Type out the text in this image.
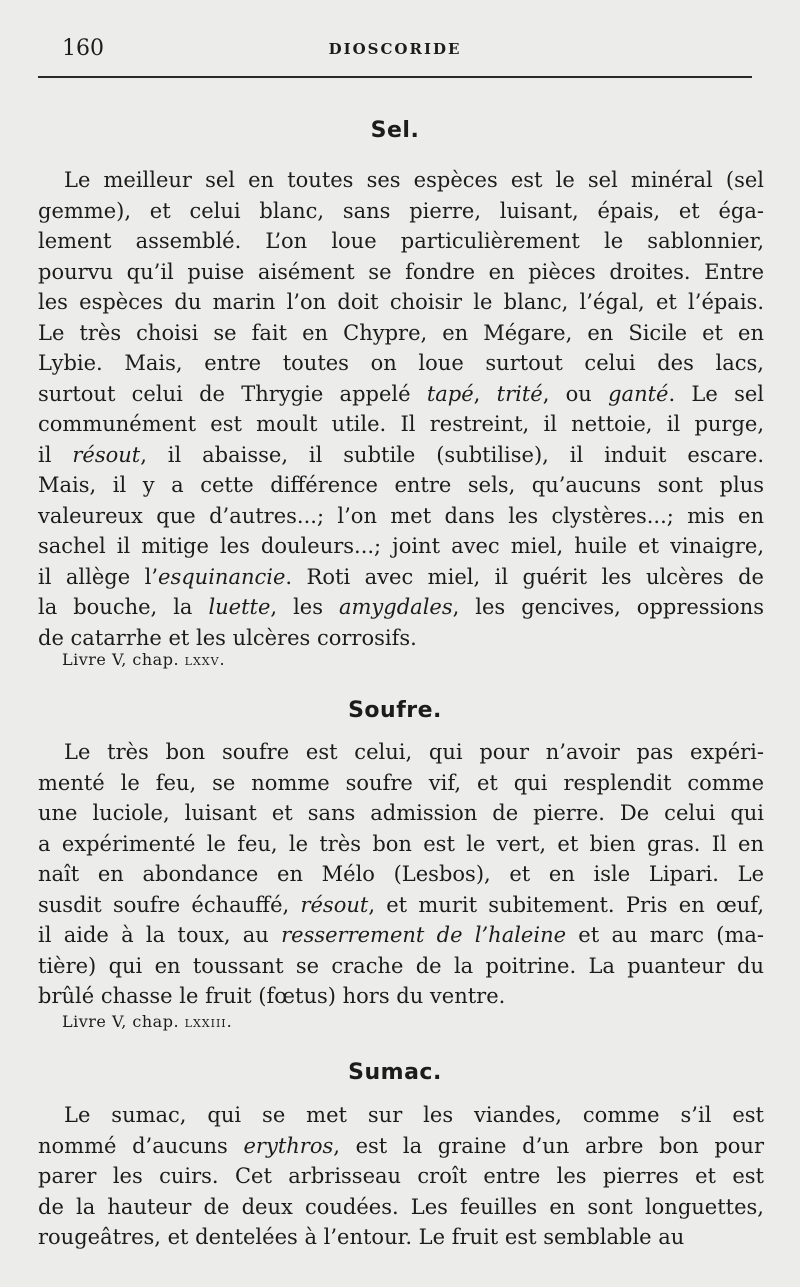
160	DIOSCORIDE
Sel.
Le meilleur sel en toutes ses espèces est le sel minéral (sel
gemme), et celui blanc, sans pierre, luisant, épais, et éga-
lement assemblé. L’on loue particulièrement le sablonnier,
pourvu qu’il puise aisément se fondre en pièces droites. Entre
les espèces du marin l’on doit choisir le blanc, l’égal, et l’épais.
Le très choisi se fait en Chypre, en Mégare, en Sicile et en
Lybie. Mais, entre toutes on loue surtout celui des lacs,
surtout celui de Thrygie appelé tapé, trité, ou ganté. Le sel
communément est moult utile. Il restreint, il nettoie, il purge,
il résout, il abaisse, il subtile (subtilise), il induit escare.
Mais, il y a cette différence entre sels, qu’aucuns sont plus
valeureux que d’autres...; l’on met dans les clystères...; mis en
sachel il mitige les douleurs...; joint avec miel, huile et vinaigre,
il allège l’esquinancie. Roti avec miel, il guérit les ulcères de
la bouche, la luette, les amygdales, les gencives, oppressions
de catarrhe et les ulcères corrosifs.
Livre V, chap. lxxv.
Soufre.
Le très bon soufre est celui, qui pour n’avoir pas expéri-
menté le feu, se nomme soufre vif, et qui resplendit comme
une luciole, luisant et sans admission de pierre. De celui qui
a expérimenté le feu, le très bon est le vert, et bien gras. Il en
naît en abondance en Mélo (Lesbos), et en isle Lipari. Le
susdit soufre échauffé, résout, et murit subitement. Pris en œuf,
il aide à la toux, au resserrement de l’haleine et au marc (ma-
tière) qui en toussant se crache de la poitrine. La puanteur du
brûlé chasse le fruit (fœtus) hors du ventre.
Livre V, chap. lxxiii.
Sumac.
Le sumac, qui se met sur les viandes, comme s’il est
nommé d’aucuns erythros, est la graine d’un arbre bon pour
parer les cuirs. Cet arbrisseau croît entre les pierres et est
de la hauteur de deux coudées. Les feuilles en sont longuettes,
rougeâtres, et dentelées à l’entour. Le fruit est semblable au
